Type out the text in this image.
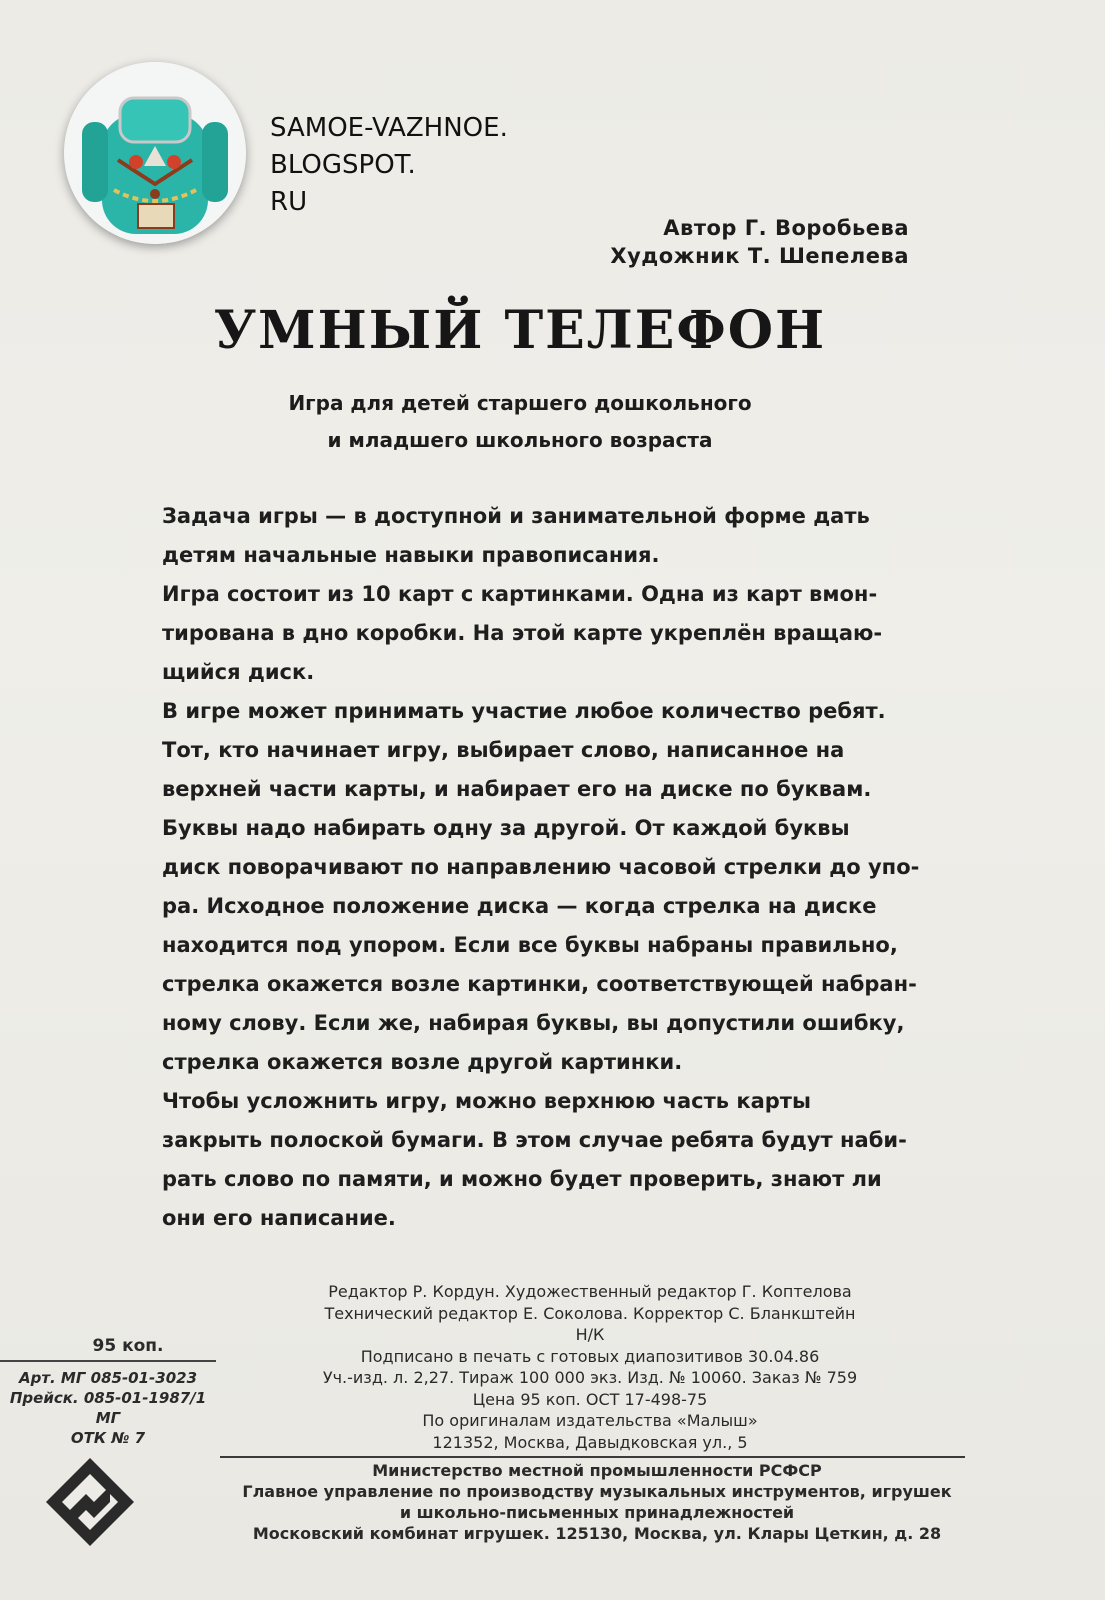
SAMOE-VAZHNOE.
BLOGSPOT.
RU
Автор Г. Воробьева
Художник Т. Шепелева
УМНЫЙ ТЕЛЕФОН
Игра для детей старшего дошкольного
и младшего школьного возраста

Задача игры — в доступной и занимательной форме дать
детям начальные навыки правописания.

Игра состоит из 10 карт с картинками. Одна из карт вмон-
тирована в дно коробки. На этой карте укреплён вращаю-
щийся диск.

В игре может принимать участие любое количество ребят.

Тот, кто начинает игру, выбирает слово, написанное на
верхней части карты, и набирает его на диске по буквам.

Буквы надо набирать одну за другой. От каждой буквы
диск поворачивают по направлению часовой стрелки до упо-
ра. Исходное положение диска — когда стрелка на диске
находится под упором. Если все буквы набраны правильно,
стрелка окажется возле картинки, соответствующей набран-
ному слову. Если же, набирая буквы, вы допустили ошибку,
стрелка окажется возле другой картинки.

Чтобы усложнить игру, можно верхнюю часть карты
закрыть полоской бумаги. В этом случае ребята будут наби-
рать слово по памяти, и можно будет проверить, знают ли
они его написание.

Редактор Р. Кордун. Художественный редактор Г. Коптелова
Технический редактор Е. Соколова. Корректор С. Бланкштейн
Н/К
Подписано в печать с готовых диапозитивов 30.04.86
Уч.-изд. л. 2,27. Тираж 100 000 экз. Изд. № 10060. Заказ № 759
Цена 95 коп. ОСТ 17-498-75
По оригиналам издательства «Малыш»
121352, Москва, Давыдковская ул., 5
95 коп.
Арт. МГ 085-01-3023
Прейск. 085-01-1987/1 МГ
ОТК № 7
Министерство местной промышленности РСФСР
Главное управление по производству музыкальных инструментов, игрушек
и школьно-письменных принадлежностей
Московский комбинат игрушек. 125130, Москва, ул. Клары Цеткин, д. 28
